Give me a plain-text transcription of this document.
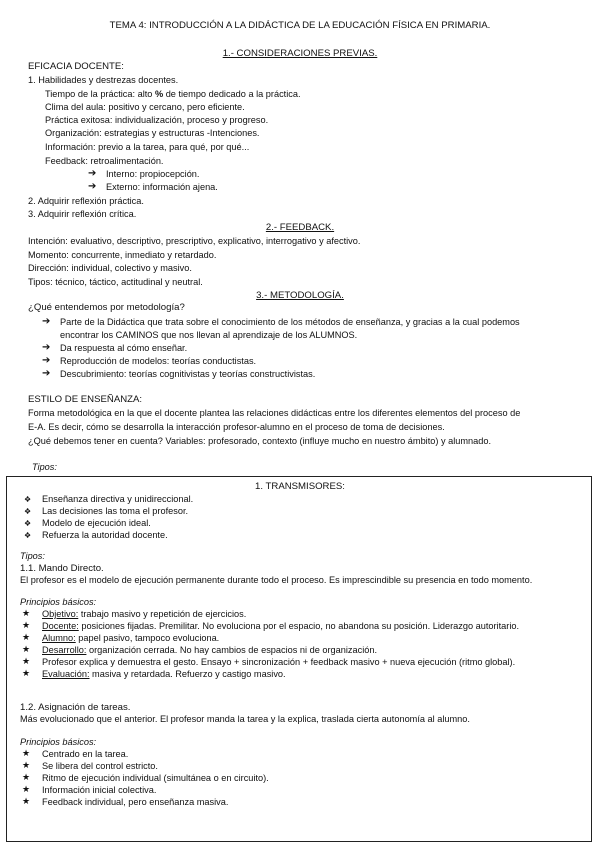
TEMA 4: INTRODUCCIÓN A LA DIDÁCTICA DE LA EDUCACIÓN FÍSICA EN PRIMARIA.
1.- CONSIDERACIONES PREVIAS.
EFICACIA DOCENTE:
1. Habilidades y destrezas docentes.
Tiempo de la práctica: alto % de tiempo dedicado a la práctica.
Clima del aula: positivo y cercano, pero eficiente.
Práctica exitosa: individualización, proceso y progreso.
Organización: estrategias y estructuras -Intenciones.
Información: previo a la tarea, para qué, por qué...
Feedback: retroalimentación.
➔ Interno: propiocepción.
➔ Externo: información ajena.
2. Adquirir reflexión práctica.
3. Adquirir reflexión crítica.
2.- FEEDBACK.
Intención: evaluativo, descriptivo, prescriptivo, explicativo, interrogativo y afectivo.
Momento: concurrente, inmediato y retardado.
Dirección: individual, colectivo y masivo.
Tipos: técnico, táctico, actitudinal y neutral.
3.- METODOLOGÍA.
¿Qué entendemos por metodología?
➔ Parte de la Didáctica que trata sobre el conocimiento de los métodos de enseñanza, y gracias a la cual podemos
encontrar los CAMINOS que nos llevan al aprendizaje de los ALUMNOS.
➔ Da respuesta al cómo enseñar.
➔ Reproducción de modelos: teorías conductistas.
➔ Descubrimiento: teorías cognitivistas y teorías constructivistas.
ESTILO DE ENSEÑANZA:
Forma metodológica en la que el docente plantea las relaciones didácticas entre los diferentes elementos del proceso de
E-A. Es decir, cómo se desarrolla la interacción profesor-alumno en el proceso de toma de decisiones.
¿Qué debemos tener en cuenta? Variables: profesorado, contexto (influye mucho en nuestro ámbito) y alumnado.
Tipos:
1. TRANSMISORES:
❖ Enseñanza directiva y unidireccional.
❖ Las decisiones las toma el profesor.
❖ Modelo de ejecución ideal.
❖ Refuerza la autoridad docente.
Tipos:
1.1. Mando Directo.
El profesor es el modelo de ejecución permanente durante todo el proceso. Es imprescindible su presencia en todo momento.
Principios básicos:
★ Objetivo: trabajo masivo y repetición de ejercicios.
★ Docente: posiciones fijadas. Premilitar. No evoluciona por el espacio, no abandona su posición. Liderazgo autoritario.
★ Alumno: papel pasivo, tampoco evoluciona.
★ Desarrollo: organización cerrada. No hay cambios de espacios ni de organización.
★ Profesor explica y demuestra el gesto. Ensayo + sincronización + feedback masivo + nueva ejecución (ritmo global).
★ Evaluación: masiva y retardada. Refuerzo y castigo masivo.
1.2. Asignación de tareas.
Más evolucionado que el anterior. El profesor manda la tarea y la explica, traslada cierta autonomía al alumno.
Principios básicos:
★ Centrado en la tarea.
★ Se libera del control estricto.
★ Ritmo de ejecución individual (simultánea o en circuito).
★ Información inicial colectiva.
★ Feedback individual, pero enseñanza masiva.
